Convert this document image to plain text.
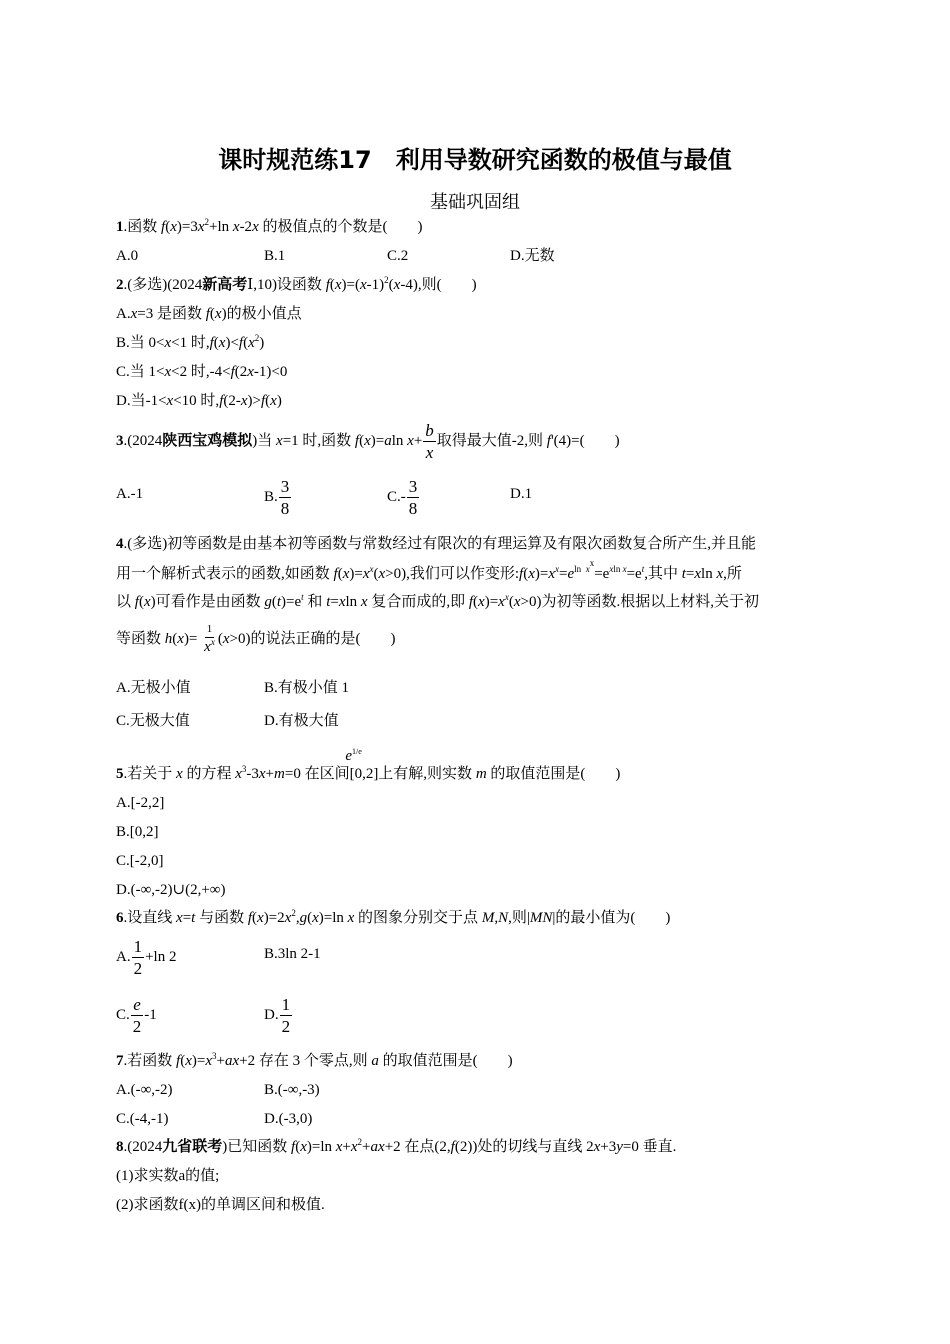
课时规范练17　利用导数研究函数的极值与最值
基础巩固组
1.函数 $f(x)=3x^2+\ln$ x-2x 的极值点的个数是(　　)
A.0	B.1	C.2	D.无数
2.(多选)(2024新高考Ⅰ,10)设函数 $f(x)=(x-1)^2(x-4)$,则(　　)
A.x=3 是函数 f(x)的极小值点
B.当 0<x<1 时$,f(x)<f(x^2)$
C.当 1<x<2 时,-4<f(2x-1)<0
D.当-1<x<10 时,f(2-x)>f(x)
3.(2024陕西宝鸡模拟)当 x=1 时,函数 f(x)=aln $x+ \frac{b}{x}$ 取得最大值-2,则 f'(4)=(　　)
A.-1	B. $\frac{3}{8}$	$C.- \frac{3}{8}$	D.1
4.(多选)初等函数是由基本初等函数与常数经过有限次的有理运算及有限次函数复合所产生,并且能
用一个解析式表示的函数,如函数 $f(x)=x^x(x>0)$,我们可以作变形$:f(x)=x^x=e^{ln x^x}=e^{xln x}=e^t$,其中 t=xln x,所
以 f(x)可看作是由函数 $g(t)=e^t$ 和 t=xln x 复合而成的,即 $f(x)=x^x(x>0)$为初等函数.根据以上材料,关于初
等函数 $h(x)= \frac{1}{x^x} (x>0)$的说法正确的是(　　)
A.无极小值	B.有极小值 1
C.无极大值	D.有极大值

$e^{1/e}$
5.若关于 x 的方程 $x^3-3x+m=0$ 在区间[0,2]上有解,则实数 m 的取值范围是(　　)
A.[-2,2]
B.[0,2]
C.[-2,0]
D.(-∞,-2)∪(2,+∞)
6.设直线 x=t 与函数 $f(x)=2x^2,g(x)=\ln$ x 的图象分别交于点 M,N,则|MN|的最小值为(　　)
A. $\frac{1}{2} +\ln$ 2	B.3ln 2-1
C. $\frac{e}{2} -1$	D. $\frac{1}{2}$
7.若函数 $f(x)=x^3+ax+2$ 存在 3 个零点,则 a 的取值范围是(　　)
A.(-∞,-2)	B.(-∞,-3)
C.(-4,-1)	D.(-3,0)
8.(2024九省联考)已知函数 f(x)=ln $x+x^2+ax+2$ 在点(2,f(2))处的切线与直线 2x+3y=0 垂直.
(1)求实数a的值;
(2)求函数f(x)的单调区间和极值.
